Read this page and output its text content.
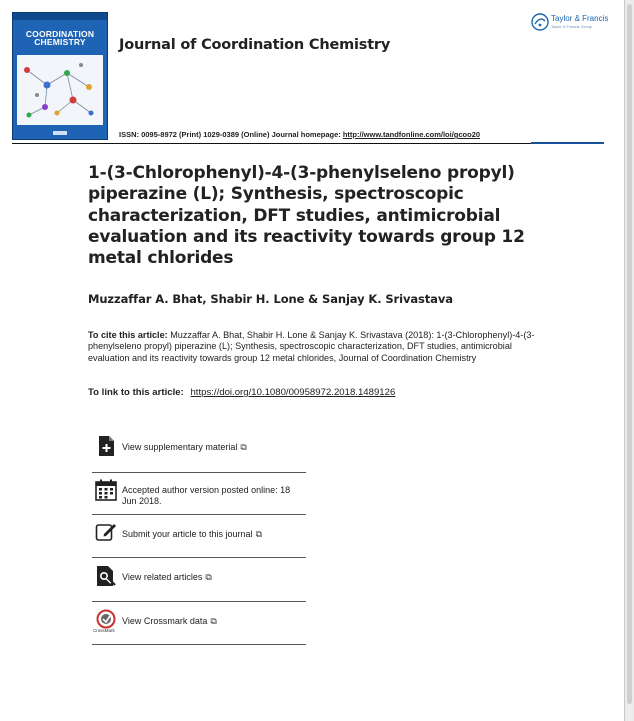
COORDINATION
CHEMISTRY	Journal of Coordination Chemistry
Taylor & Francis
Taylor & Francis Group
ISSN: 0095-8972 (Print) 1029-0389 (Online) Journal homepage: http://www.tandfonline.com/loi/gcoo20
1-(3-Chlorophenyl)-4-(3-phenylseleno propyl) piperazine (L); Synthesis, spectroscopic characterization, DFT studies, antimicrobial evaluation and its reactivity towards group 12 metal chlorides
Muzzaffar A. Bhat, Shabir H. Lone & Sanjay K. Srivastava
To cite this article: Muzzaffar A. Bhat, Shabir H. Lone & Sanjay K. Srivastava (2018): 1-(3-Chlorophenyl)-4-(3-phenylseleno propyl) piperazine (L); Synthesis, spectroscopic characterization, DFT studies, antimicrobial evaluation and its reactivity towards group 12 metal chlorides, Journal of Coordination Chemistry
To link to this article: https://doi.org/10.1080/00958972.2018.1489126
View supplementary material ⧉
Accepted author version posted online: 18 Jun 2018.
Submit your article to this journal ⧉
View related articles ⧉
CrossMark
View Crossmark data ⧉
